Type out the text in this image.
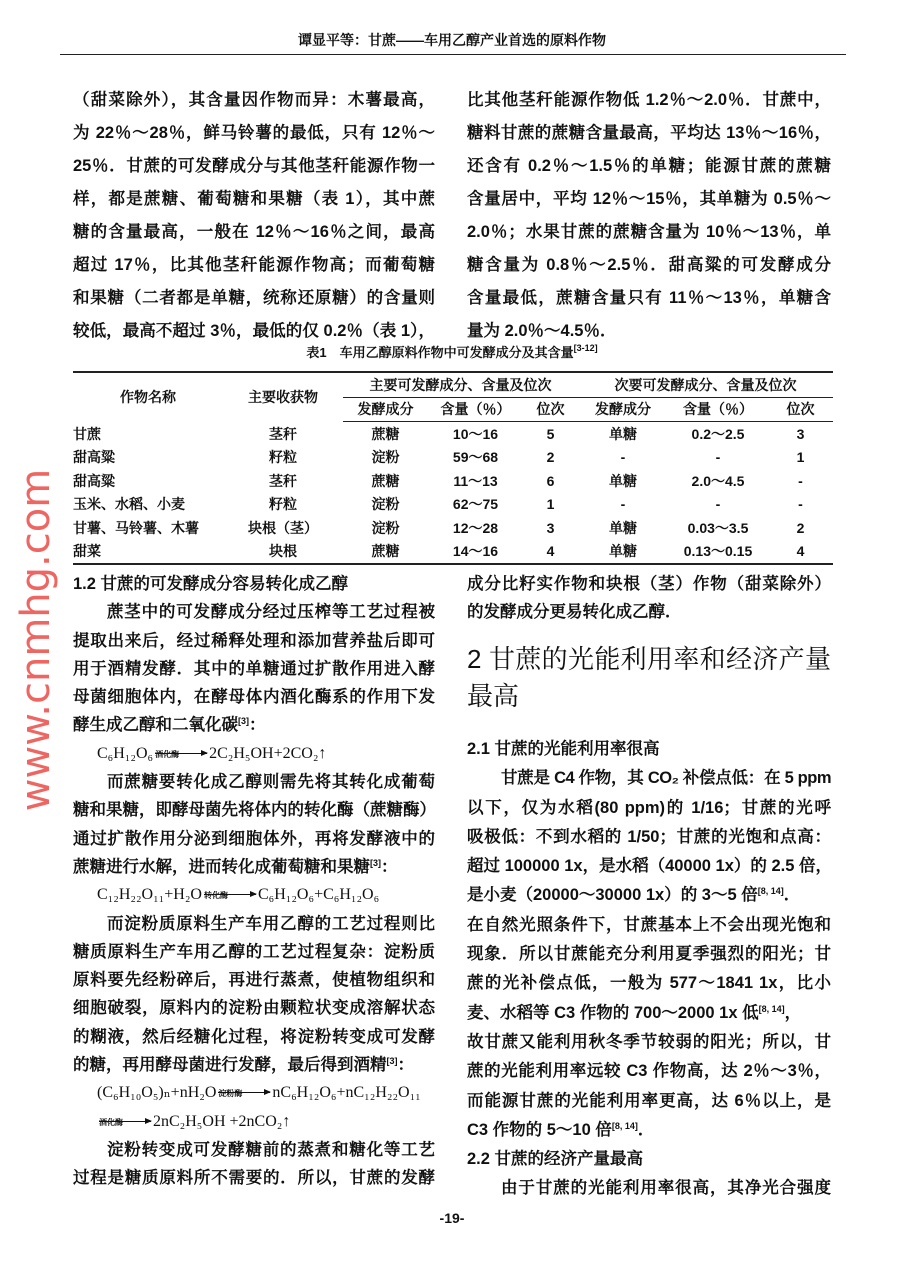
谭显平等：甘蔗——车用乙醇产业首选的原料作物
（甜菜除外），其含量因作物而异：木薯最高，
为 22％～28％，鲜马铃薯的最低，只有 12％～
25％．甘蔗的可发酵成分与其他茎秆能源作物一
样，都是蔗糖、葡萄糖和果糖（表 1），其中蔗
糖的含量最高，一般在 12％～16％之间，最高
超过 17％，比其他茎秆能源作物高；而葡萄糖
和果糖（二者都是单糖，统称还原糖）的含量则
较低，最高不超过 3％，最低的仅 0.2％（表 1），
比其他茎秆能源作物低 1.2％～2.0％．甘蔗中，
糖料甘蔗的蔗糖含量最高，平均达 13％～16％，
还含有 0.2％～1.5％的单糖；能源甘蔗的蔗糖
含量居中，平均 12％～15％，其单糖为 0.5％～
2.0％；水果甘蔗的蔗糖含量为 10％～13％，单
糖含量为 0.8％～2.5％．甜高粱的可发酵成分
含量最低，蔗糖含量只有 11％～13％，单糖含
量为 2.0％～4.5％．
表1　车用乙醇原料作物中可发酵成分及其含量[3-12]
作物名称	主要收获物	主要可发酵成分、含量及位次			次要可发酵成分、含量及位次		
		发酵成分	含量（％）	位次	发酵成分	含量（％）	位次
甘蔗	茎秆	蔗糖	10～16	5	单糖	0.2～2.5	3
甜高粱	籽粒	淀粉	59～68	2	-	-	1
甜高粱	茎秆	蔗糖	11～13	6	单糖	2.0～4.5	-
玉米、水稻、小麦	籽粒	淀粉	62～75	1	-	-	-
甘薯、马铃薯、木薯	块根（茎）	淀粉	12～28	3	单糖	0.03～3.5	2
甜菜	块根	蔗糖	14～16	4	单糖	0.13～0.15	4
1.2 甘蔗的可发酵成分容易转化成乙醇
蔗茎中的可发酵成分经过压榨等工艺过程被
提取出来后，经过稀释处理和添加营养盐后即可
用于酒精发酵．其中的单糖通过扩散作用进入酵
母菌细胞体内，在酵母体内酒化酶系的作用下发
酵生成乙醇和二氧化碳[3]：
C₆H₁₂O₆ 酒化酶	2C₂H₅OH+2CO₂↑
而蔗糖要转化成乙醇则需先将其转化成葡萄
糖和果糖，即酵母菌先将体内的转化酶（蔗糖酶）
通过扩散作用分泌到细胞体外，再将发酵液中的
蔗糖进行水解，进而转化成葡萄糖和果糖[3]：
C₁₂H₂₂O₁₁+H₂O 转化酶	C₆H₁₂O₆+C₆H₁₂O₆
而淀粉质原料生产车用乙醇的工艺过程则比
糖质原料生产车用乙醇的工艺过程复杂：淀粉质
原料要先经粉碎后，再进行蒸煮，使植物组织和
细胞破裂，原料内的淀粉由颗粒状变成溶解状态
的糊液，然后经糖化过程，将淀粉转变成可发酵
的糖，再用酵母菌进行发酵，最后得到酒精[3]：
(C₆H₁₀O₅)ₙ+nH₂O 淀粉酶	nC₆H₁₂O₆+nC₁₂H₂₂O₁₁
酒化酶	2nC₂H₅OH +2nCO₂↑
淀粉转变成可发酵糖前的蒸煮和糖化等工艺
过程是糖质原料所不需要的．所以，甘蔗的发酵
成分比籽实作物和块根（茎）作物（甜菜除外）
的发酵成分更易转化成乙醇．
2 甘蔗的光能利用率和经济产量
最高
2.1 甘蔗的光能利用率很高
甘蔗是 C4 作物，其 CO₂ 补偿点低：在 5 ppm
以下，仅为水稻(80 ppm)的 1/16；甘蔗的光呼
吸极低：不到水稻的 1/50；甘蔗的光饱和点高：
超过 100000 1x，是水稻（40000 1x）的 2.5 倍，
是小麦（20000～30000 1x）的 3～5 倍[8, 14]．
在自然光照条件下，甘蔗基本上不会出现光饱和
现象．所以甘蔗能充分利用夏季强烈的阳光；甘
蔗的光补偿点低，一般为 577～1841 1x，比小
麦、水稻等 C3 作物的 700～2000 1x 低[8, 14]，
故甘蔗又能利用秋冬季节较弱的阳光；所以，甘
蔗的光能利用率远较 C3 作物高，达 2％～3％，
而能源甘蔗的光能利用率更高，达 6％以上，是
C3 作物的 5～10 倍[8, 14]．
2.2 甘蔗的经济产量最高
由于甘蔗的光能利用率很高，其净光合强度
www.cnmhg.com
-19-
